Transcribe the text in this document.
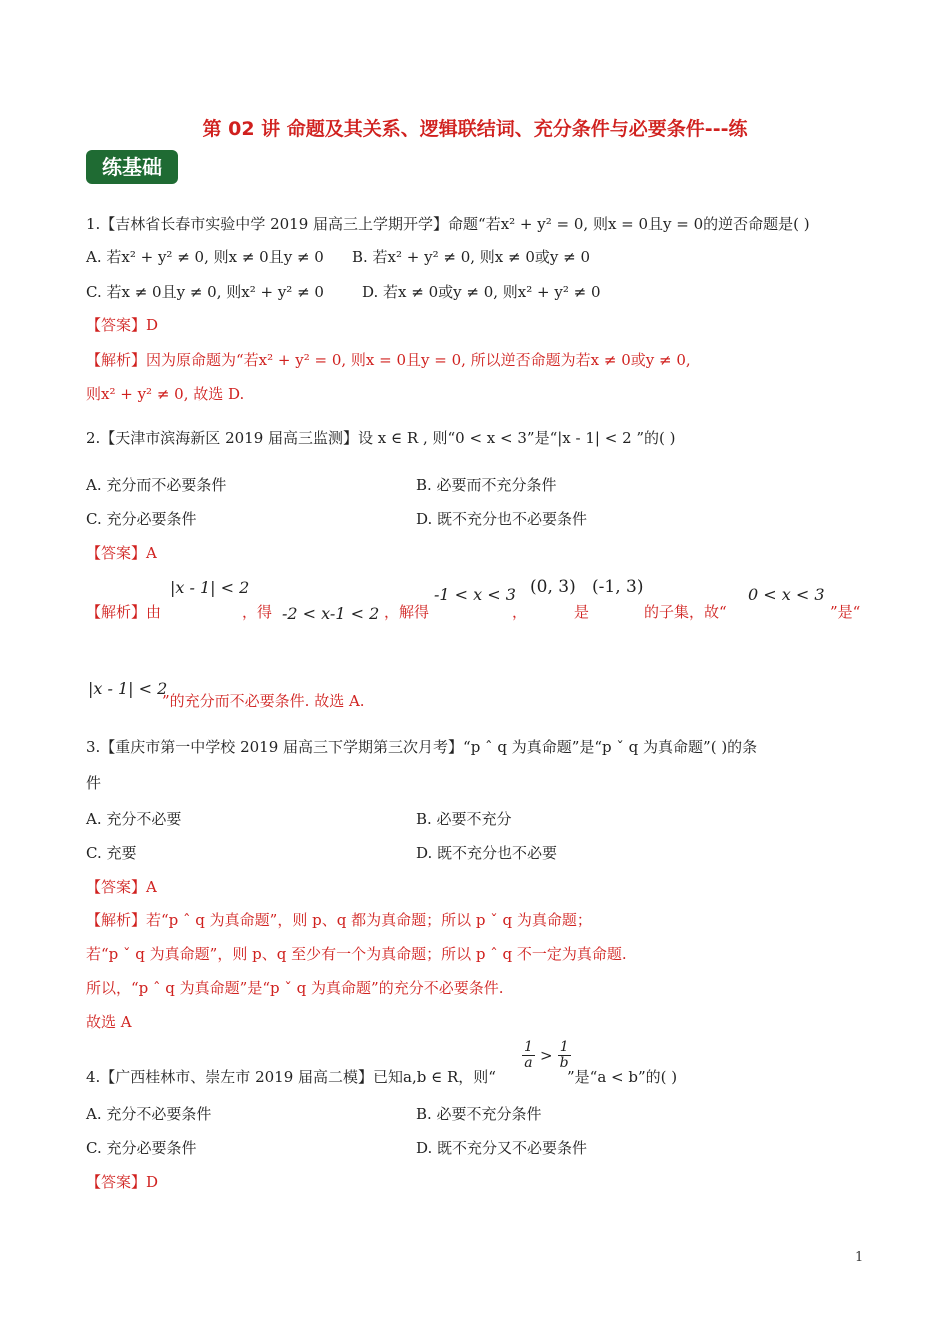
第 02 讲 命题及其关系、逻辑联结词、充分条件与必要条件---练
练基础
1.【吉林省长春市实验中学 2019 届高三上学期开学】命题“若x² + y² = 0, 则x = 0且y = 0的逆否命题是( )
A. 若x² + y² ≠ 0, 则x ≠ 0且y ≠ 0 B. 若x² + y² ≠ 0, 则x ≠ 0或y ≠ 0
C. 若x ≠ 0且y ≠ 0, 则x² + y² ≠ 0	D. 若x ≠ 0或y ≠ 0, 则x² + y² ≠ 0
【答案】D
【解析】因为原命题为“若x² + y² = 0, 则x = 0且y = 0, 所以逆否命题为若x ≠ 0或y ≠ 0,
则x² + y² ≠ 0, 故选 D.
2.【天津市滨海新区 2019 届高三监测】设 x ∈ R , 则“0 < x < 3”是“|x - 1| < 2 ”的( )
A. 充分而不必要条件	B. 必要而不充分条件
C. 充分必要条件	D. 既不充分也不必要条件
【答案】A
【解析】由
|x - 1| < 2
，得 -2 < x-1 < 2 ，解得
-1 < x < 3
，
(0, 3) (-1, 3)
是	的子集，故“
0 < x < 3
”是“
|x - 1| < 2
”的充分而不必要条件. 故选 A.
3.【重庆市第一中学校 2019 届高三下学期第三次月考】“p ˆ q 为真命题”是“p ˇ q 为真命题”( )的条
件
A. 充分不必要	B. 必要不充分
C. 充要	D. 既不充分也不必要
【答案】A
【解析】若“p ˆ q 为真命题”，则 p、q 都为真命题；所以 p ˇ q 为真命题；
若“p ˇ q 为真命题”，则 p、q 至少有一个为真命题；所以 p ˆ q 不一定为真命题.
所以，“p ˆ q 为真命题”是“p ˇ q 为真命题”的充分不必要条件.
故选 A
4.【广西桂林市、崇左市 2019 届高二模】已知a,b ∈ R，则“
$\frac{1}{a} > \frac{1}{b}$
”是“a < b”的( )
A. 充分不必要条件	B. 必要不充分条件
C. 充分必要条件	D. 既不充分又不必要条件
【答案】D
1
